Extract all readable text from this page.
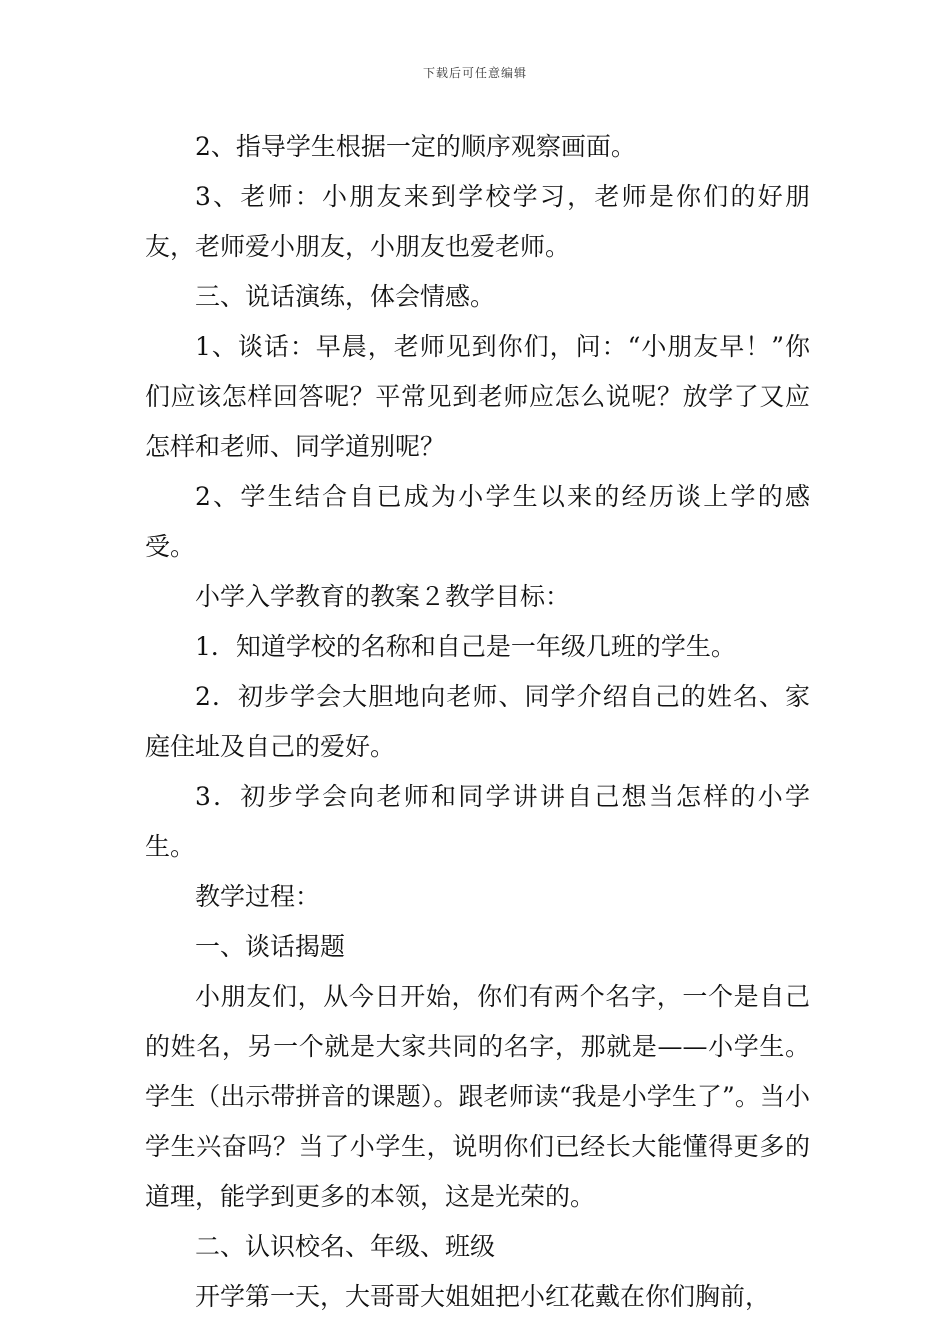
下载后可任意编辑

2、指导学生根据一定的顺序观察画面。

3、老师：小朋友来到学校学习，老师是你们的好朋友，老师爱小朋友，小朋友也爱老师。

三、说话演练，体会情感。

1、谈话：早晨，老师见到你们，问：“小朋友早！”你们应该怎样回答呢？平常见到老师应怎么说呢？放学了又应怎样和老师、同学道别呢？

2、学生结合自已成为小学生以来的经历谈上学的感受。

小学入学教育的教案２教学目标：

1．知道学校的名称和自己是一年级几班的学生。

2．初步学会大胆地向老师、同学介绍自己的姓名、家庭住址及自己的爱好。

3．初步学会向老师和同学讲讲自己想当怎样的小学生。

教学过程：

一、谈话揭题

小朋友们，从今日开始，你们有两个名字，一个是自己的姓名，另一个就是大家共同的名字，那就是——小学生。学生（出示带拼音的课题）。跟老师读“我是小学生了”。当小学生兴奋吗？当了小学生，说明你们已经长大能懂得更多的道理，能学到更多的本领，这是光荣的。

二、认识校名、年级、班级

开学第一天，大哥哥大姐姐把小红花戴在你们胸前，
